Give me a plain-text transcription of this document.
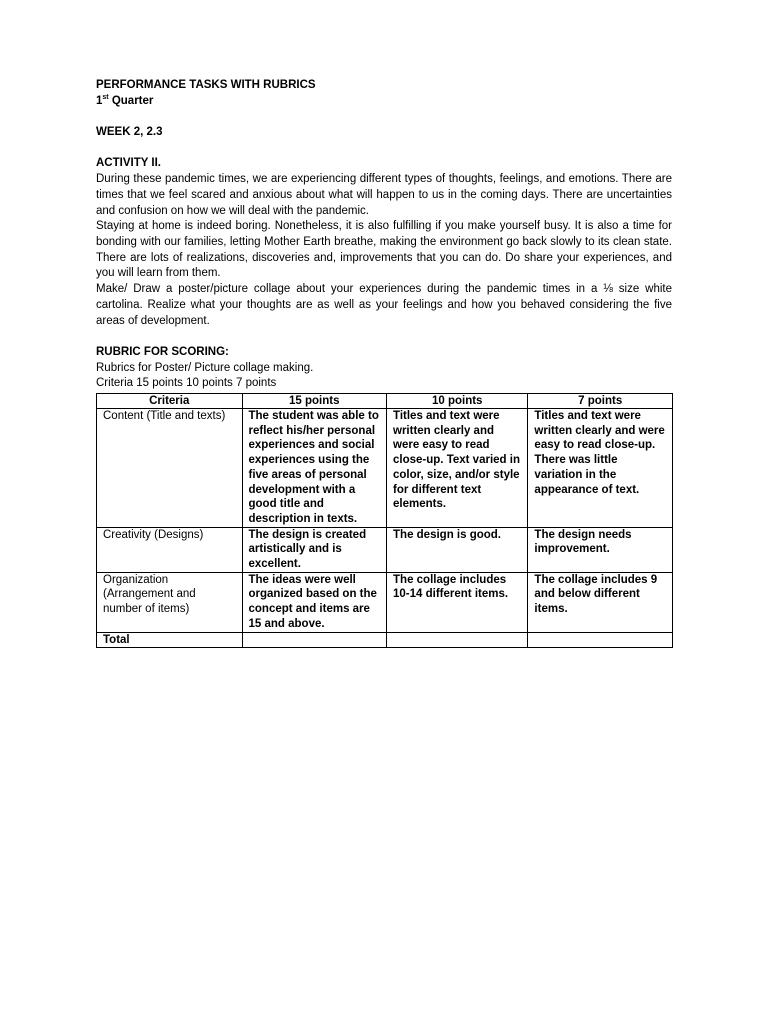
PERFORMANCE TASKS WITH RUBRICS
1st Quarter
WEEK 2, 2.3
ACTIVITY II.

During these pandemic times, we are experiencing different types of thoughts, feelings, and emotions. There are times that we feel scared and anxious about what will happen to us in the coming days. There are uncertainties and confusion on how we will deal with the pandemic.

Staying at home is indeed boring. Nonetheless, it is also fulfilling if you make yourself busy. It is also a time for bonding with our families, letting Mother Earth breathe, making the environment go back slowly to its clean state. There are lots of realizations, discoveries and, improvements that you can do. Do share your experiences, and you will learn from them.

Make/ Draw a poster/picture collage about your experiences during the pandemic times in a ⅛ size white cartolina. Realize what your thoughts are as well as your feelings and how you behaved considering the five areas of development.

RUBRIC FOR SCORING:
Rubrics for Poster/ Picture collage making.
Criteria 15 points 10 points 7 points
Criteria	15 points	10 points	7 points
Content (Title and texts)	The student was able to reflect his/her personal experiences and social experiences using the five areas of personal development with a good title and description in texts.	Titles and text were written clearly and were easy to read close-up. Text varied in color, size, and/or style for different text elements.	Titles and text were written clearly and were easy to read close-up. There was little variation in the appearance of text.
Creativity (Designs)	The design is created artistically and is excellent.	The design is good.	The design needs improvement.
Organization (Arrangement and number of items)	The ideas were well organized based on the concept and items are 15 and above.	The collage includes 10-14 different items.	The collage includes 9 and below different items.
Total			
